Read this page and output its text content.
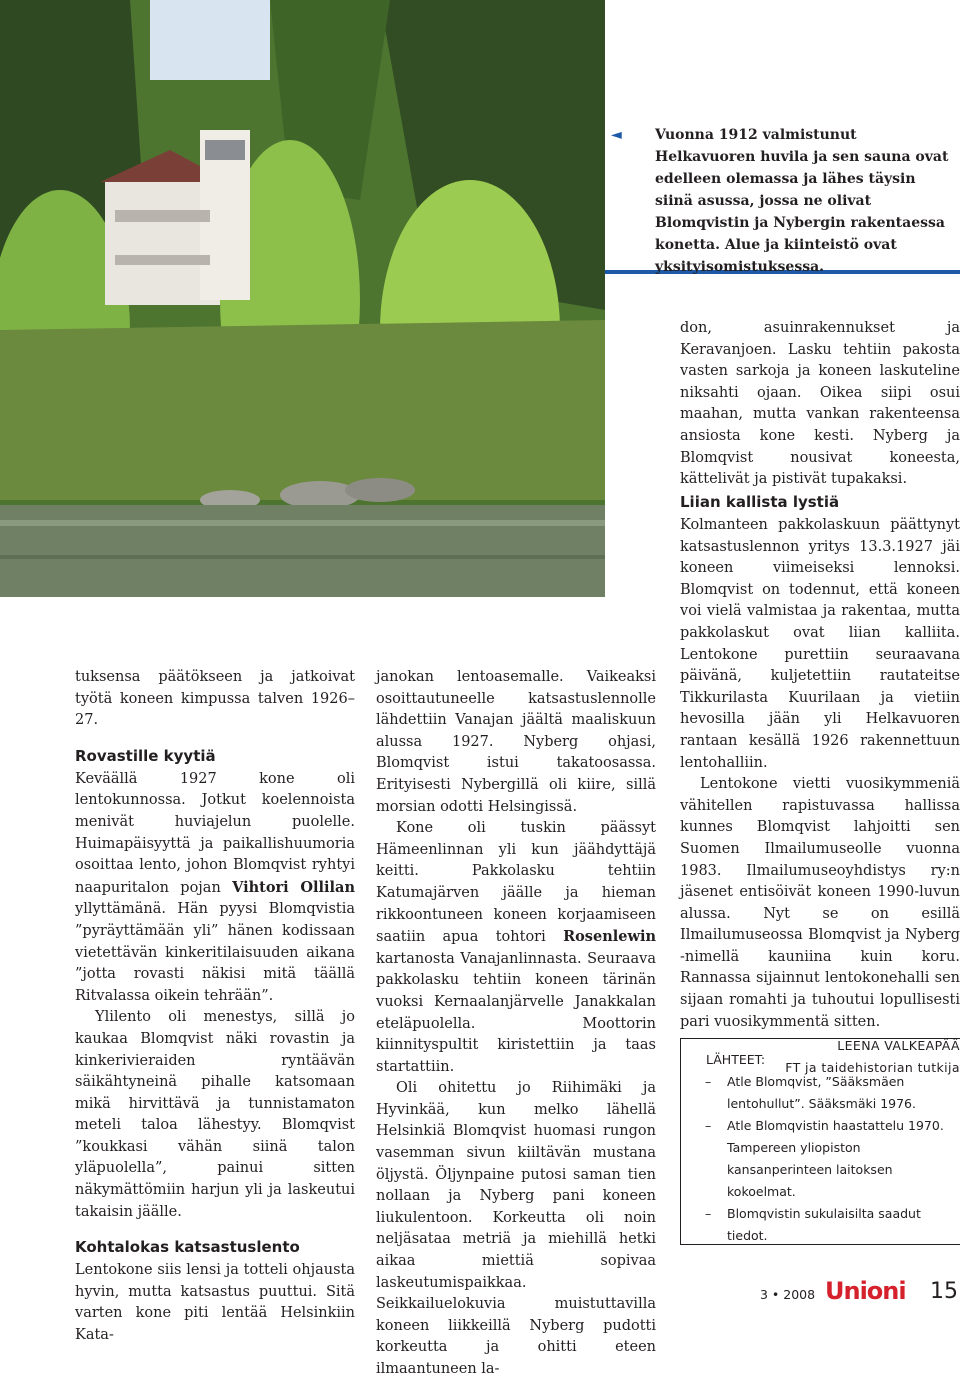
◄ Vuonna 1912 valmistunut Helkavuoren huvila ja sen sauna ovat edelleen olemassa ja lähes täysin siinä asussa, jossa ne olivat Blomqvistin ja Nybergin rakentaessa konetta. Alue ja kiinteistö ovat yksityisomistuksessa.

tuksensa päätökseen ja jatkoivat työtä koneen kimpussa talven 1926–27.

Rovastille kyytiä

Keväällä 1927 kone oli lentokunnossa. Jotkut koelennoista menivät huviajelun puolelle. Huimapäisyyttä ja paikallishuumoria osoittaa lento, johon Blomqvist ryhtyi naapuritalon pojan Vihtori Ollilan yllyttämänä. Hän pyysi Blomqvistia ”pyräyttämään yli” hänen kodissaan vietettävän kinkeritilaisuuden aikana ”jotta rovasti näkisi mitä täällä Ritvalassa oikein tehrään”.

Ylilento oli menestys, sillä jo kaukaa Blomqvist näki rovastin ja kinkerivieraiden ryntäävän säikähtyneinä pihalle katsomaan mikä hirvittävä ja tunnistamaton meteli taloa lähestyy. Blomqvist ”koukkasi vähän siinä talon yläpuolella”, painui sitten näkymättömiin harjun yli ja laskeutui takaisin jäälle.

Kohtalokas katsastuslento

Lentokone siis lensi ja totteli ohjausta hyvin, mutta katsastus puuttui. Sitä varten kone piti lentää Helsinkiin Kata-

janokan lentoasemalle. Vaikeaksi osoittautuneelle katsastuslennolle lähdettiin Vanajan jäältä maaliskuun alussa 1927. Nyberg ohjasi, Blomqvist istui takatoosassa. Erityisesti Nybergillä oli kiire, sillä morsian odotti Helsingissä.

Kone oli tuskin päässyt Hämeenlinnan yli kun jäähdyttäjä keitti. Pakkolasku tehtiin Katumajärven jäälle ja hieman rikkoontuneen koneen korjaamiseen saatiin apua tohtori Rosenlewin kartanosta Vanajanlinnasta. Seuraava pakkolasku tehtiin koneen tärinän vuoksi Kernaalanjärvelle Janakkalan eteläpuolella. Moottorin kiinnityspultit kiristettiin ja taas startattiin.

Oli ohitettu jo Riihimäki ja Hyvinkää, kun melko lähellä Helsinkiä Blomqvist huomasi rungon vasemman sivun kiiltävän mustana öljystä. Öljynpaine putosi saman tien nollaan ja Nyberg pani koneen liukulentoon. Korkeutta oli noin neljäsataa metriä ja miehillä hetki aikaa miettiä sopivaa laskeutumispaikkaa. Seikkailuelokuvia muistuttavilla koneen liikkeillä Nyberg pudotti korkeutta ja ohitti eteen ilmaantuneen la-

don, asuinrakennukset ja Keravanjoen. Lasku tehtiin pakosta vasten sarkoja ja koneen laskuteline niksahti ojaan. Oikea siipi osui maahan, mutta vankan rakenteensa ansiosta kone kesti. Nyberg ja Blomqvist nousivat koneesta, kättelivät ja pistivät tupakaksi.

Liian kallista lystiä

Kolmanteen pakkolaskuun päättynyt katsastuslennon yritys 13.3.1927 jäi koneen viimeiseksi lennoksi. Blomqvist on todennut, että koneen voi vielä valmistaa ja rakentaa, mutta pakkolaskut ovat liian kalliita. Lentokone purettiin seuraavana päivänä, kuljetettiin rautateitse Tikkurilasta Kuurilaan ja vietiin hevosilla jään yli Helkavuoren rantaan kesällä 1926 rakennettuun lentohalliin.

Lentokone vietti vuosikymmeniä vähitellen rapistuvassa hallissa kunnes Blomqvist lahjoitti sen Suomen Ilmailumuseolle vuonna 1983. Ilmailumuseoyhdistys ry:n jäsenet entisöivät koneen 1990-luvun alussa. Nyt se on esillä Ilmailumuseossa Blomqvist ja Nyberg -nimellä kauniina kuin koru. Rannassa sijainnut lentokonehalli sen sijaan romahti ja tuhoutui lopullisesti pari vuosikymmentä sitten.

LEENA VALKEAPÄÄ
FT ja taidehistorian tutkija
LÄHTEET:
– Atle Blomqvist, ”Sääksmäen lentohullut”. Sääksmäki 1976.
– Atle Blomqvistin haastattelu 1970. Tampereen yliopiston kansanperinteen laitoksen kokoelmat.
– Blomqvistin sukulaisilta saadut tiedot.
3 • 2008 Unioni 15
